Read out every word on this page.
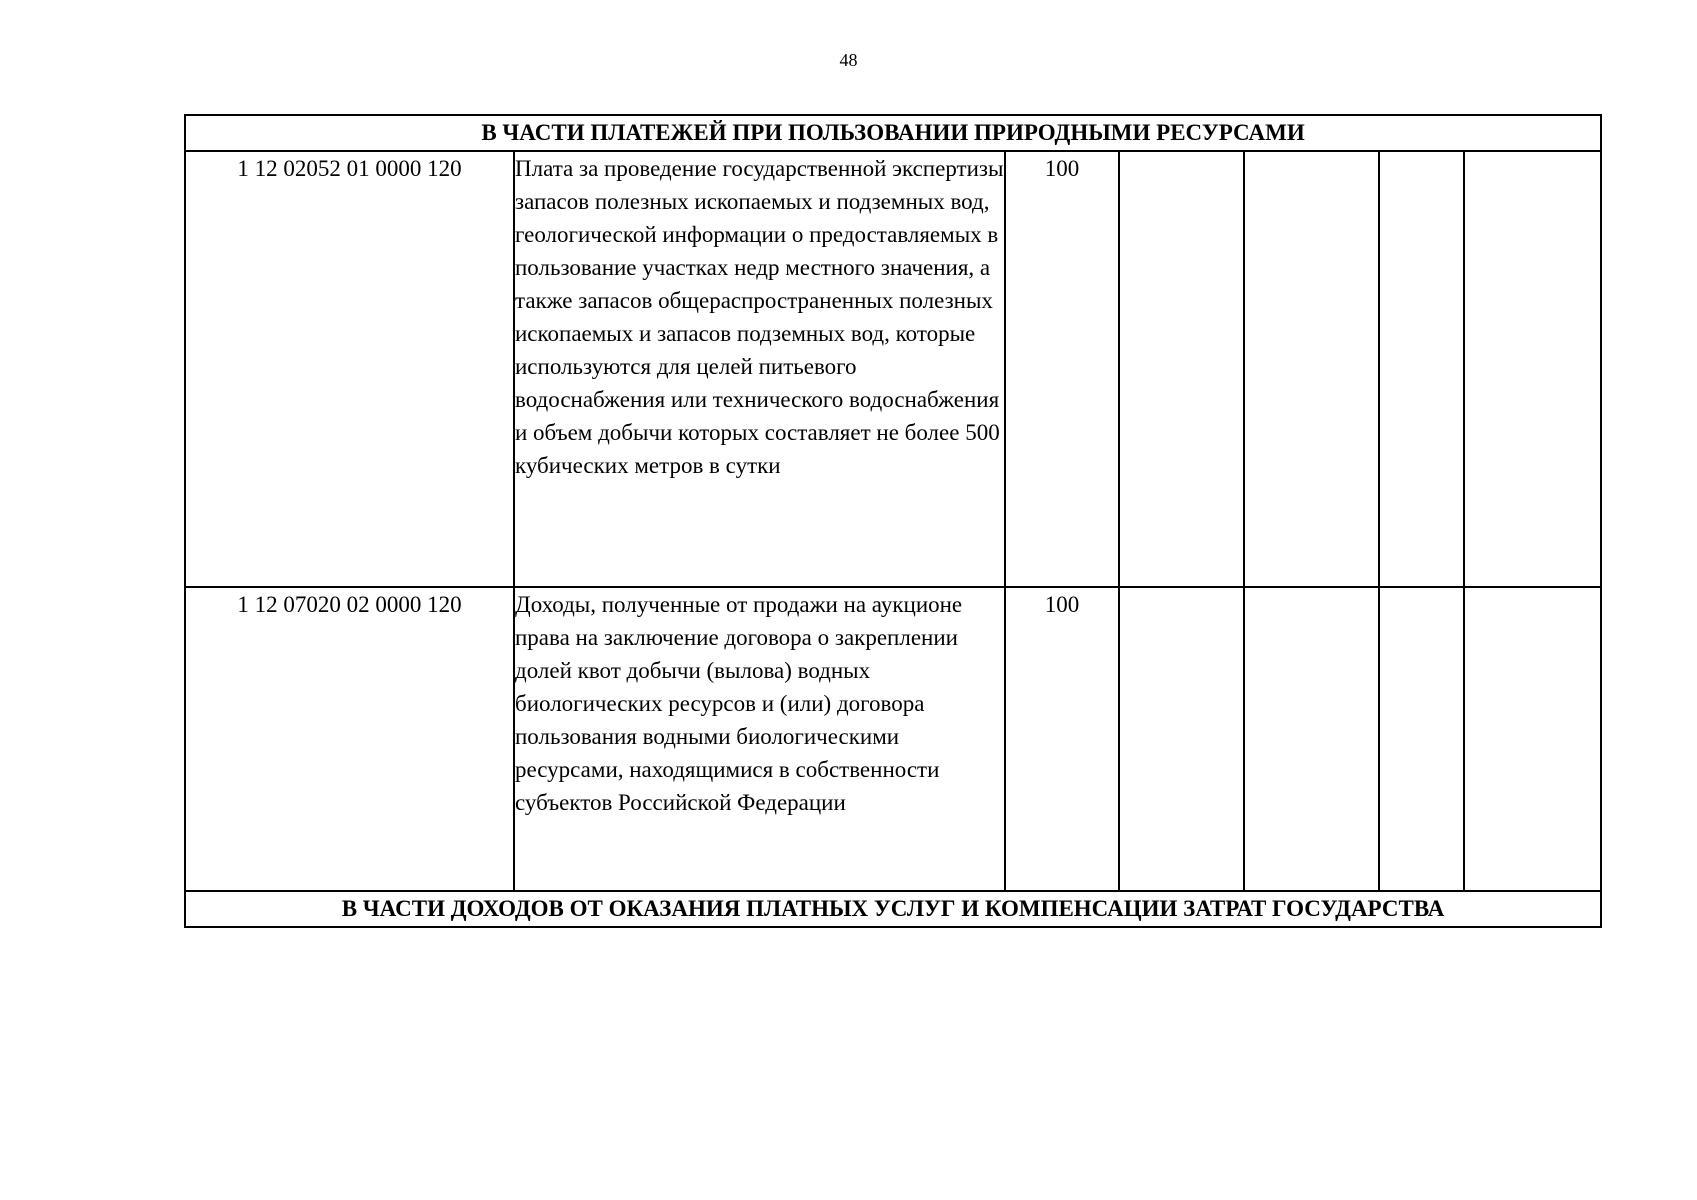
48
В ЧАСТИ ПЛАТЕЖЕЙ ПРИ ПОЛЬЗОВАНИИ ПРИРОДНЫМИ РЕСУРСАМИ						
1 12 02052 01 0000 120	Плата за проведение государственной экспертизы запасов полезных ископаемых и подземных вод, геологической информации о предоставляемых в пользование участках недр местного значения, а также запасов общераспространенных полезных ископаемых и запасов подземных вод, которые используются для целей питьевого водоснабжения или технического водоснабжения и объем добычи которых составляет не более 500 кубических метров в сутки	100				
1 12 07020 02 0000 120	Доходы, полученные от продажи на аукционе права на заключение договора о закреплении долей квот добычи (вылова) водных биологических ресурсов и (или) договора пользования водными биологическими ресурсами, находящимися в собственности субъектов Российской Федерации	100				
В ЧАСТИ ДОХОДОВ ОТ ОКАЗАНИЯ ПЛАТНЫХ УСЛУГ И КОМПЕНСАЦИИ ЗАТРАТ ГОСУДАРСТВА						
